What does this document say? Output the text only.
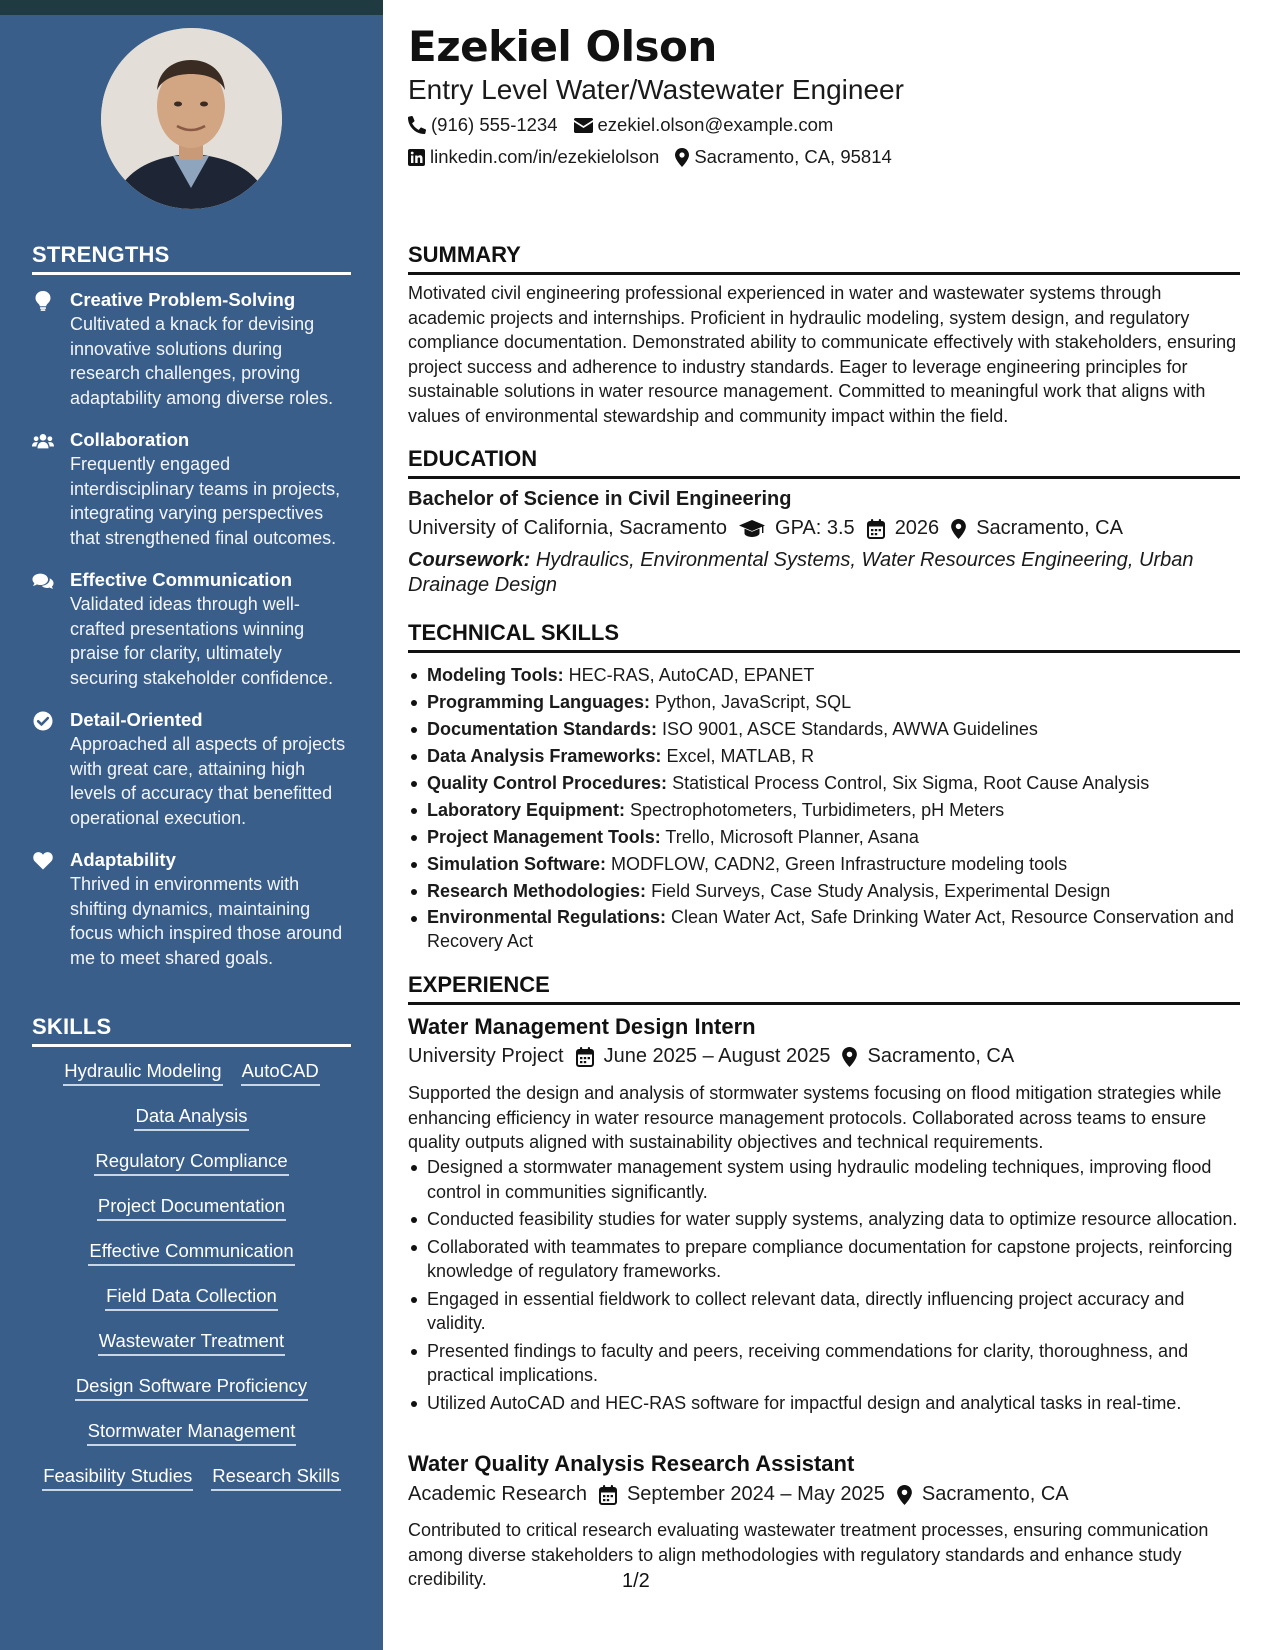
STRENGTHS
Creative Problem-Solving
Cultivated a knack for devising innovative solutions during research challenges, proving adaptability among diverse roles.
Collaboration
Frequently engaged interdisciplinary teams in projects, integrating varying perspectives that strengthened final outcomes.
Effective Communication
Validated ideas through well-crafted presentations winning praise for clarity, ultimately securing stakeholder confidence.
Detail-Oriented
Approached all aspects of projects with great care, attaining high levels of accuracy that benefitted operational execution.
Adaptability
Thrived in environments with shifting dynamics, maintaining focus which inspired those around me to meet shared goals.
SKILLS
Hydraulic Modeling AutoCAD
Data Analysis
Regulatory Compliance
Project Documentation
Effective Communication
Field Data Collection
Wastewater Treatment
Design Software Proficiency
Stormwater Management
Feasibility Studies Research Skills
Ezekiel Olson
Entry Level Water/Wastewater Engineer
(916) 555-1234 ezekiel.olson@example.com
linkedin.com/in/ezekielolson Sacramento, CA, 95814
SUMMARY
Motivated civil engineering professional experienced in water and wastewater systems through academic projects and internships. Proficient in hydraulic modeling, system design, and regulatory compliance documentation. Demonstrated ability to communicate effectively with stakeholders, ensuring project success and adherence to industry standards. Eager to leverage engineering principles for sustainable solutions in water resource management. Committed to meaningful work that aligns with values of environmental stewardship and community impact within the field.
EDUCATION
Bachelor of Science in Civil Engineering
University of California, Sacramento GPA: 3.5 2026 Sacramento, CA
Coursework: Hydraulics, Environmental Systems, Water Resources Engineering, Urban Drainage Design
TECHNICAL SKILLS
Modeling Tools: HEC-RAS, AutoCAD, EPANET
Programming Languages: Python, JavaScript, SQL
Documentation Standards: ISO 9001, ASCE Standards, AWWA Guidelines
Data Analysis Frameworks: Excel, MATLAB, R
Quality Control Procedures: Statistical Process Control, Six Sigma, Root Cause Analysis
Laboratory Equipment: Spectrophotometers, Turbidimeters, pH Meters
Project Management Tools: Trello, Microsoft Planner, Asana
Simulation Software: MODFLOW, CADN2, Green Infrastructure modeling tools
Research Methodologies: Field Surveys, Case Study Analysis, Experimental Design
Environmental Regulations: Clean Water Act, Safe Drinking Water Act, Resource Conservation and Recovery Act
EXPERIENCE
Water Management Design Intern
University Project June 2025 – August 2025 Sacramento, CA
Supported the design and analysis of stormwater systems focusing on flood mitigation strategies while enhancing efficiency in water resource management protocols. Collaborated across teams to ensure quality outputs aligned with sustainability objectives and technical requirements.
Designed a stormwater management system using hydraulic modeling techniques, improving flood control in communities significantly.
Conducted feasibility studies for water supply systems, analyzing data to optimize resource allocation.
Collaborated with teammates to prepare compliance documentation for capstone projects, reinforcing knowledge of regulatory frameworks.
Engaged in essential fieldwork to collect relevant data, directly influencing project accuracy and validity.
Presented findings to faculty and peers, receiving commendations for clarity, thoroughness, and practical implications.
Utilized AutoCAD and HEC-RAS software for impactful design and analytical tasks in real-time.
Water Quality Analysis Research Assistant
Academic Research September 2024 – May 2025 Sacramento, CA
Contributed to critical research evaluating wastewater treatment processes, ensuring communication among diverse stakeholders to align methodologies with regulatory standards and enhance study credibility.	1/2
